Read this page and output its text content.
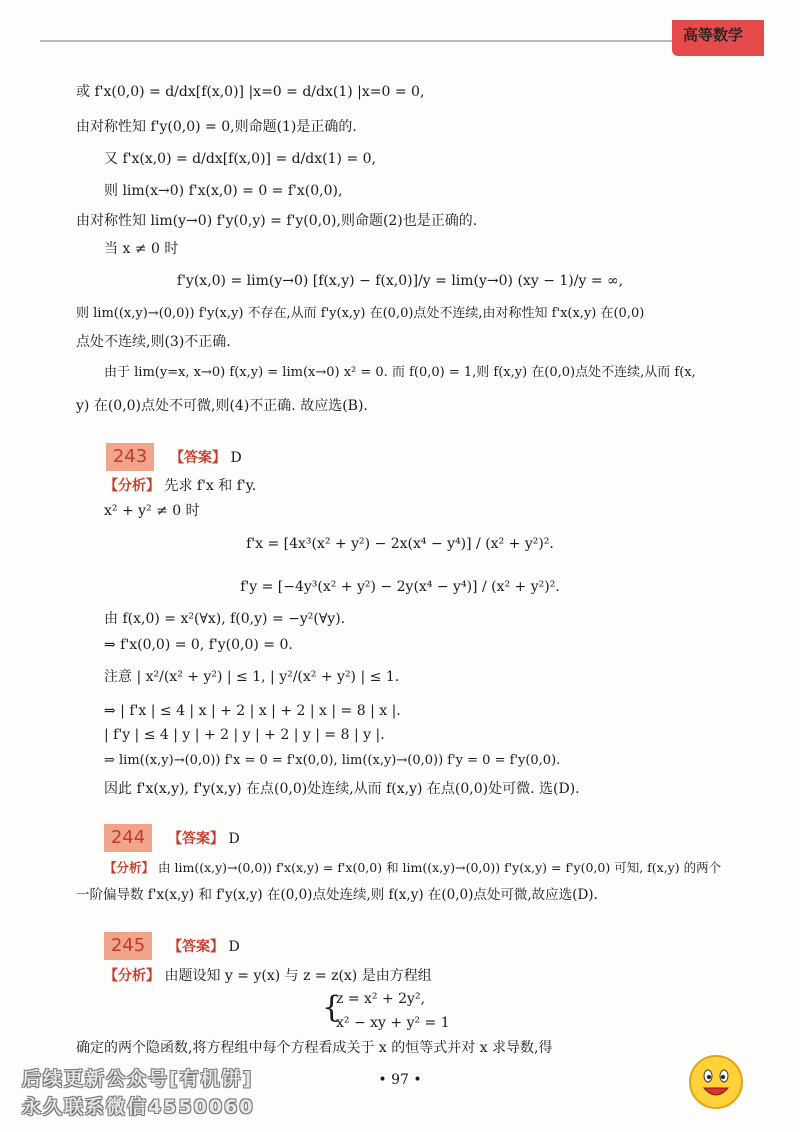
高等数学
或 f'x(0,0) = d/dx[f(x,0)] |x=0 = d/dx(1) |x=0 = 0,
由对称性知 f'y(0,0) = 0,则命题(1)是正确的.
又 f'x(x,0) = d/dx[f(x,0)] = d/dx(1) = 0,
则 lim(x→0) f'x(x,0) = 0 = f'x(0,0),
由对称性知 lim(y→0) f'y(0,y) = f'y(0,0),则命题(2)也是正确的.
当 x ≠ 0 时
f'y(x,0) = lim(y→0) [f(x,y) − f(x,0)]/y = lim(y→0) (xy − 1)/y = ∞,
则 lim((x,y)→(0,0)) f'y(x,y) 不存在,从而 f'y(x,y) 在(0,0)点处不连续,由对称性知 f'x(x,y) 在(0,0)
点处不连续,则(3)不正确.
由于 lim(y=x, x→0) f(x,y) = lim(x→0) x² = 0. 而 f(0,0) = 1,则 f(x,y) 在(0,0)点处不连续,从而 f(x,
y) 在(0,0)点处不可微,则(4)不正确. 故应选(B).
243	【答案】 D
【分析】 先求 f'x 和 f'y.
x² + y² ≠ 0 时
f'x = [4x³(x² + y²) − 2x(x⁴ − y⁴)] / (x² + y²)².
f'y = [−4y³(x² + y²) − 2y(x⁴ − y⁴)] / (x² + y²)².
由 f(x,0) = x²(∀x), f(0,y) = −y²(∀y).
⇒ f'x(0,0) = 0, f'y(0,0) = 0.
注意 | x²/(x² + y²) | ≤ 1, | y²/(x² + y²) | ≤ 1.
⇒ | f'x | ≤ 4 | x | + 2 | x | + 2 | x | = 8 | x |.
| f'y | ≤ 4 | y | + 2 | y | + 2 | y | = 8 | y |.
⇒ lim((x,y)→(0,0)) f'x = 0 = f'x(0,0), lim((x,y)→(0,0)) f'y = 0 = f'y(0,0).
因此 f'x(x,y), f'y(x,y) 在点(0,0)处连续,从而 f(x,y) 在点(0,0)处可微. 选(D).
244	【答案】 D
【分析】 由 lim((x,y)→(0,0)) f'x(x,y) = f'x(0,0) 和 lim((x,y)→(0,0)) f'y(x,y) = f'y(0,0) 可知, f(x,y) 的两个
一阶偏导数 f'x(x,y) 和 f'y(x,y) 在(0,0)点处连续,则 f(x,y) 在(0,0)点处可微,故应选(D).
245	【答案】 D
【分析】 由题设知 y = y(x) 与 z = z(x) 是由方程组
{
z = x² + 2y²,
x² − xy + y² = 1
确定的两个隐函数,将方程组中每个方程看成关于 x 的恒等式并对 x 求导数,得
• 97 •
后续更新公众号[有机饼]
永久联系微信4550060
